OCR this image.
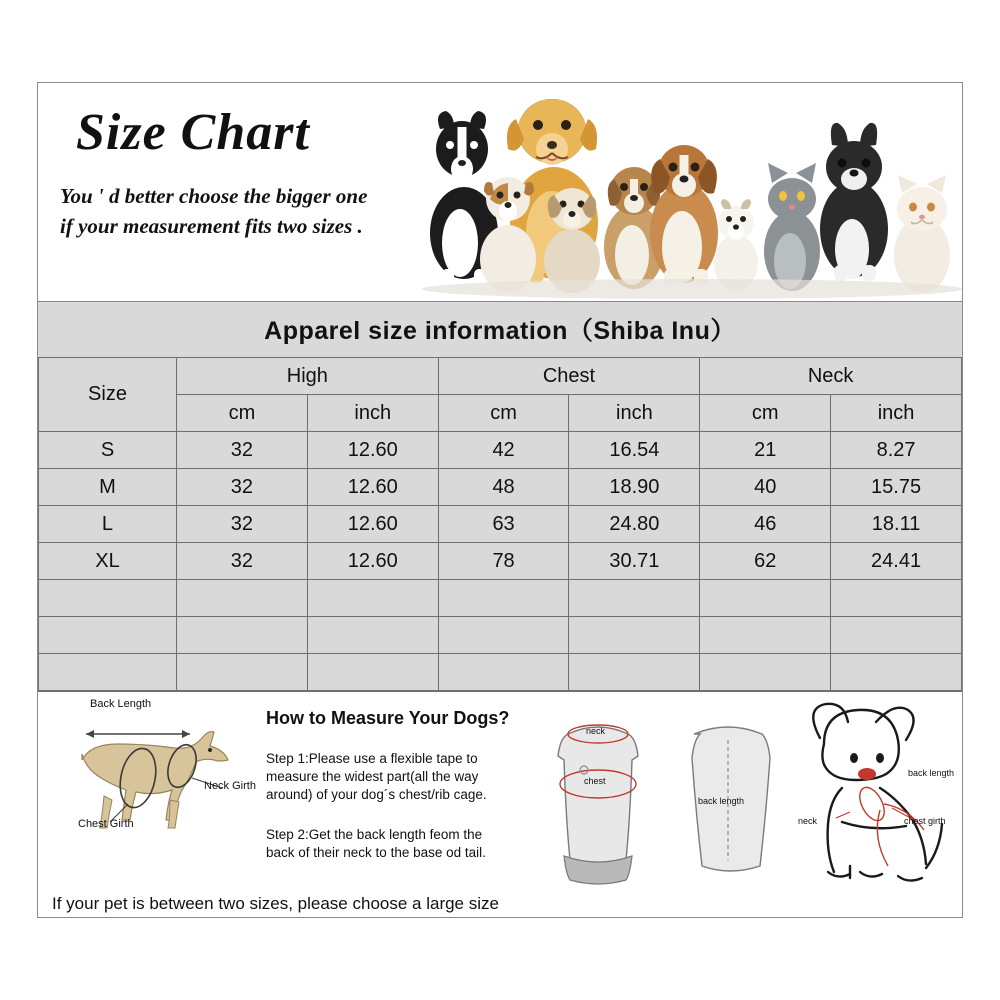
Size Chart
You ' d better choose the bigger one
if your measurement fits two sizes .
Apparel size information（Shiba Inu）
Size	High		Chest		Neck	
	cm	inch	cm	inch	cm	inch
S	32	12.60	42	16.54	21	8.27
M	32	12.60	48	18.90	40	15.75
L	32	12.60	63	24.80	46	18.11
XL	32	12.60	78	30.71	62	24.41

Back Length
Neck Girth
Chest Girth
How to Measure Your Dogs?
Step 1:Please use a flexible tape to measure the widest part(all the way around) of your dog´s chest/rib cage.
Step 2:Get the back length feom the back of their neck to the base od tail.
neck
chest
back length
back length
neck	chest girth
If your pet is between two sizes, please choose a large size
